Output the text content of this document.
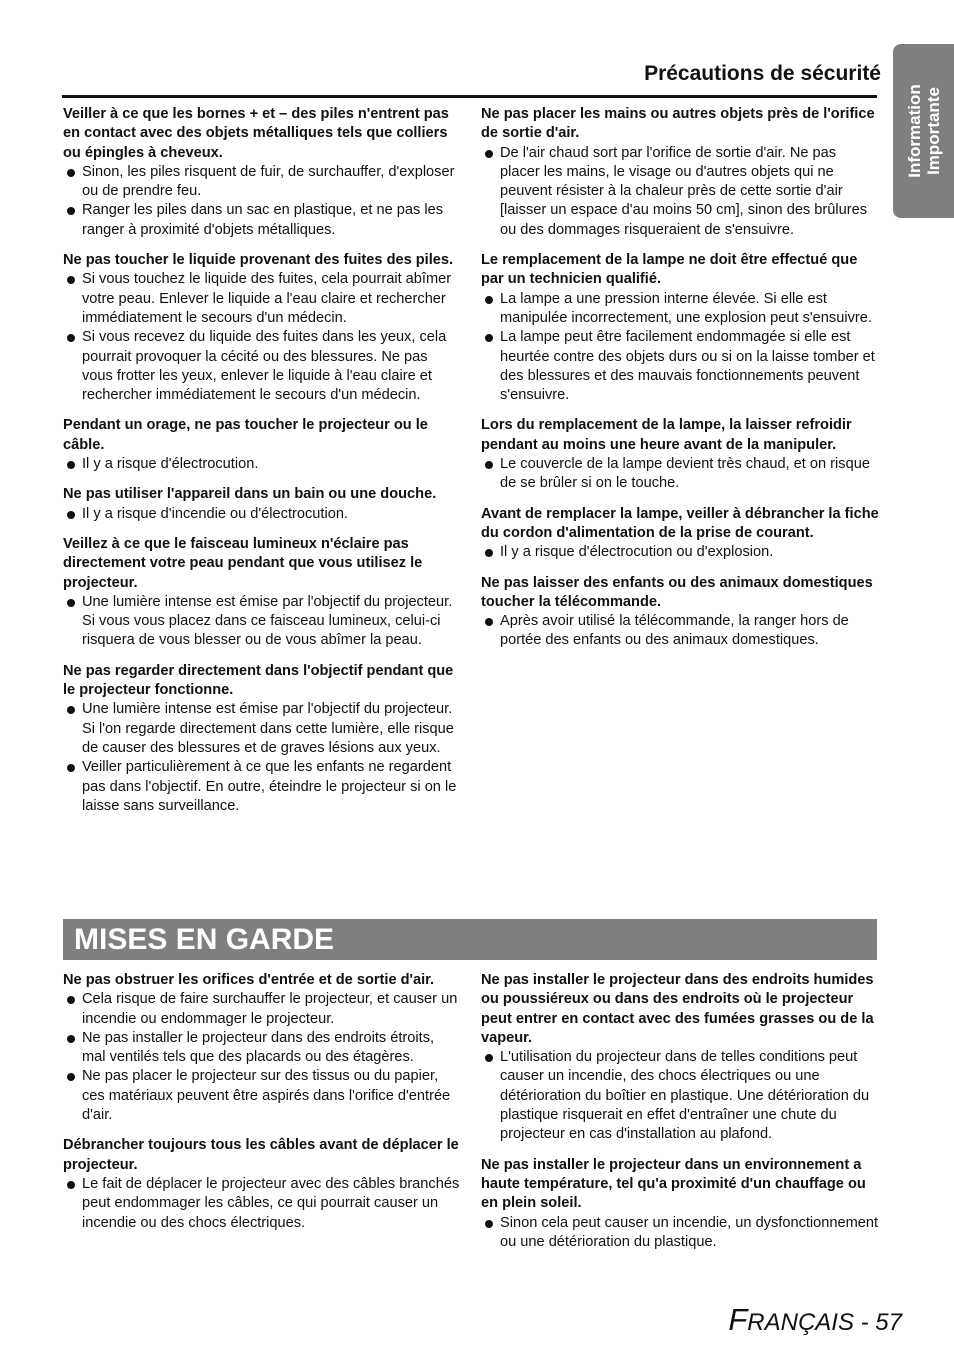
Information Importante
Précautions de sécurité

Veiller à ce que les bornes + et – des piles n'entrent pas en contact avec des objets métalliques tels que colliers ou épingles à cheveux.

Sinon, les piles risquent de fuir, de surchauffer, d'exploser ou de prendre feu.
Ranger les piles dans un sac en plastique, et ne pas les ranger à proximité d'objets métalliques.

Ne pas toucher le liquide provenant des fuites des piles.

Si vous touchez le liquide des fuites, cela pourrait abîmer votre peau. Enlever le liquide a l'eau claire et rechercher immédiatement le secours d'un médecin.
Si vous recevez du liquide des fuites dans les yeux, cela pourrait provoquer la cécité ou des blessures. Ne pas vous frotter les yeux, enlever le liquide à l'eau claire et rechercher immédiatement le secours d'un médecin.

Pendant un orage, ne pas toucher le projecteur ou le câble.

Il y a risque d'électrocution.

Ne pas utiliser l'appareil dans un bain ou une douche.

Il y a risque d'incendie ou d'électrocution.

Veillez à ce que le faisceau lumineux n'éclaire pas directement votre peau pendant que vous utilisez le projecteur.

Une lumière intense est émise par l'objectif du projecteur. Si vous vous placez dans ce faisceau lumineux, celui-ci risquera de vous blesser ou de vous abîmer la peau.

Ne pas regarder directement dans l'objectif pendant que le projecteur fonctionne.

Une lumière intense est émise par l'objectif du projecteur. Si l'on regarde directement dans cette lumière, elle risque de causer des blessures et de graves lésions aux yeux.
Veiller particulièrement à ce que les enfants ne regardent pas dans l'objectif. En outre, éteindre le projecteur si on le laisse sans surveillance.

Ne pas placer les mains ou autres objets près de l'orifice de sortie d'air.

De l'air chaud sort par l'orifice de sortie d'air. Ne pas placer les mains, le visage ou d'autres objets qui ne peuvent résister à la chaleur près de cette sortie d'air [laisser un espace d'au moins 50 cm], sinon des brûlures ou des dommages risqueraient de s'ensuivre.

Le remplacement de la lampe ne doit être effectué que par un technicien qualifié.

La lampe a une pression interne élevée. Si elle est manipulée incorrectement, une explosion peut s'ensuivre.
La lampe peut être facilement endommagée si elle est heurtée contre des objets durs ou si on la laisse tomber et des blessures et des mauvais fonctionnements peuvent s'ensuivre.

Lors du remplacement de la lampe, la laisser refroidir pendant au moins une heure avant de la manipuler.

Le couvercle de la lampe devient très chaud, et on risque de se brûler si on le touche.

Avant de remplacer la lampe, veiller à débrancher la fiche du cordon d'alimentation de la prise de courant.

Il y a risque d'électrocution ou d'explosion.

Ne pas laisser des enfants ou des animaux domestiques toucher la télécommande.

Après avoir utilisé la télécommande, la ranger hors de portée des enfants ou des animaux domestiques.
MISES EN GARDE

Ne pas obstruer les orifices d'entrée et de sortie d'air.

Cela risque de faire surchauffer le projecteur, et causer un incendie ou endommager le projecteur.
Ne pas installer le projecteur dans des endroits étroits, mal ventilés tels que des placards ou des étagères.
Ne pas placer le projecteur sur des tissus ou du papier, ces matériaux peuvent être aspirés dans l'orifice d'entrée d'air.

Débrancher toujours tous les câbles avant de déplacer le projecteur.

Le fait de déplacer le projecteur avec des câbles branchés peut endommager les câbles, ce qui pourrait causer un incendie ou des chocs électriques.

Ne pas installer le projecteur dans des endroits humides ou poussiéreux ou dans des endroits où le projecteur peut entrer en contact avec des fumées grasses ou de la vapeur.

L'utilisation du projecteur dans de telles conditions peut causer un incendie, des chocs électriques ou une détérioration du boîtier en plastique. Une détérioration du plastique risquerait en effet d'entraîner une chute du projecteur en cas d'installation au plafond.

Ne pas installer le projecteur dans un environnement a haute température, tel qu'a proximité d'un chauffage ou en plein soleil.

Sinon cela peut causer un incendie, un dysfonctionnement ou une détérioration du plastique.
FRANÇAIS - 57
